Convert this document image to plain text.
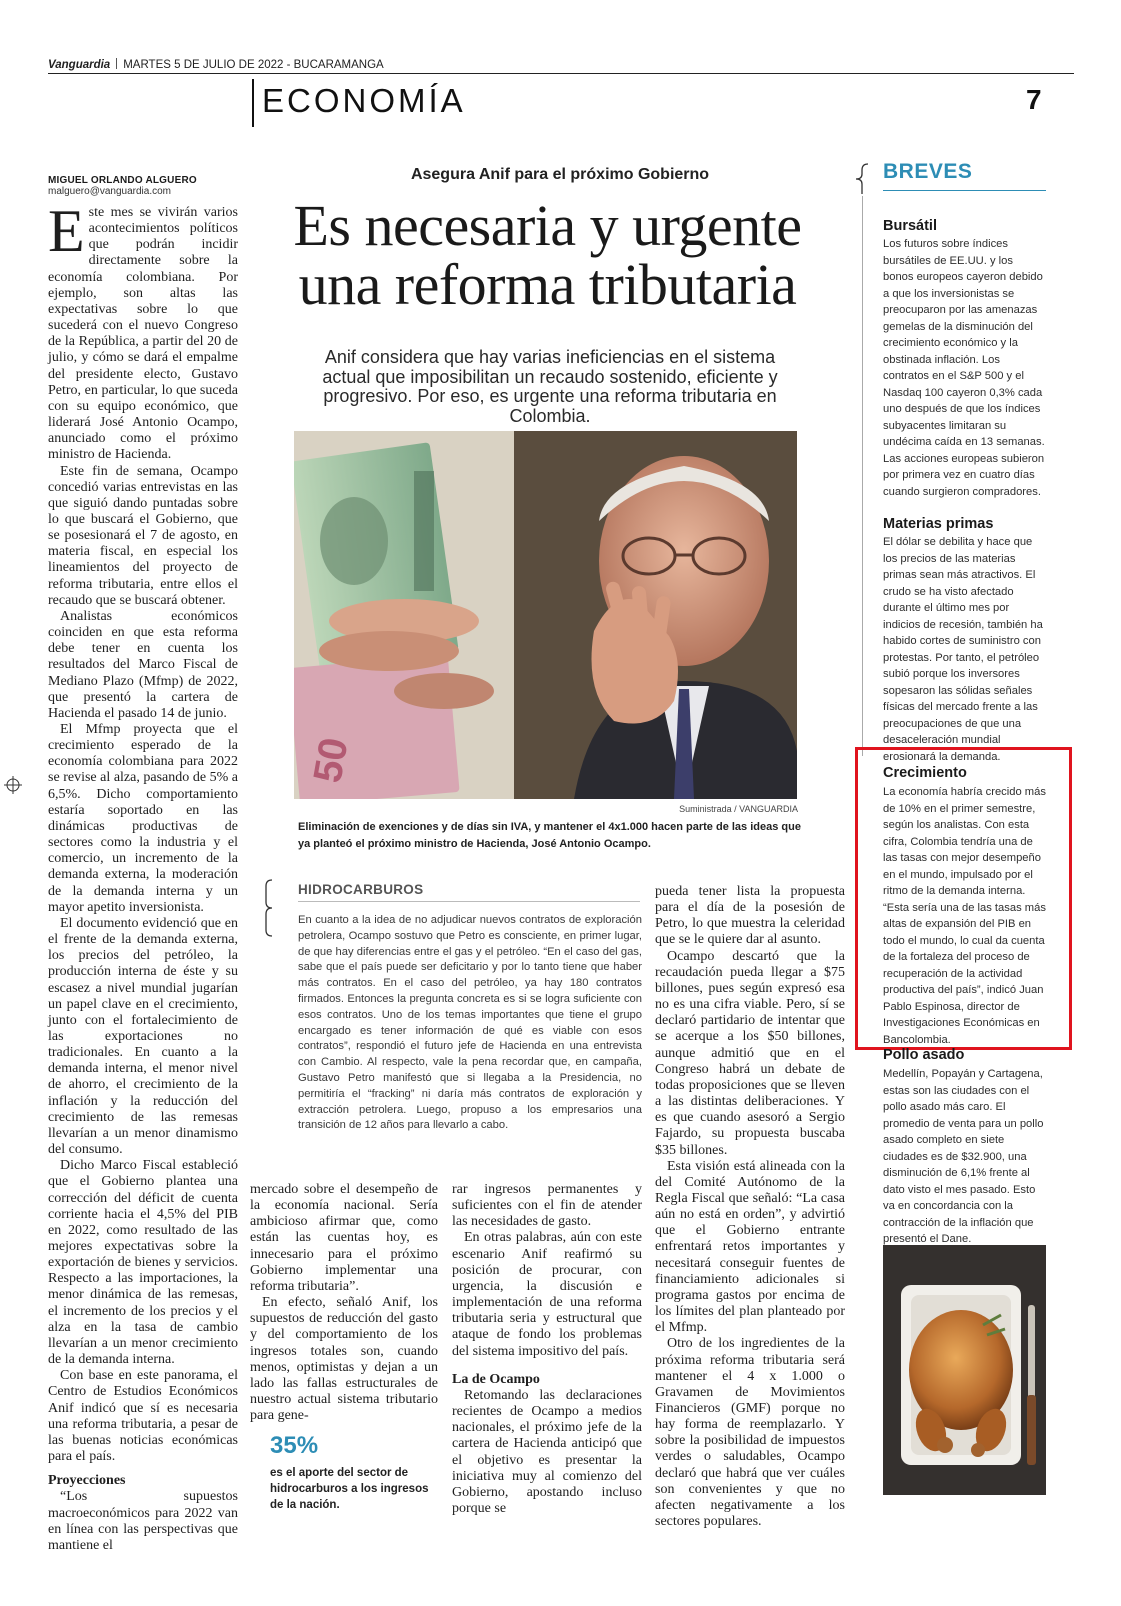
Vanguardia MARTES 5 DE JULIO DE 2022 - BUCARAMANGA
ECONOMÍA	7
MIGUEL ORLANDO ALGUERO
malguero@vanguardia.com

Este mes se vivirán varios acontecimientos políticos que podrán incidir directamente sobre la economía colombiana. Por ejemplo, son altas las expectativas sobre lo que sucederá con el nuevo Congreso de la República, a partir del 20 de julio, y cómo se dará el empalme del presidente electo, Gustavo Petro, en particular, lo que suceda con su equipo económico, que liderará José Antonio Ocampo, anunciado como el próximo ministro de Hacienda.

Este fin de semana, Ocampo concedió varias entrevistas en las que siguió dando puntadas sobre lo que buscará el Gobierno, que se posesionará el 7 de agosto, en materia fiscal, en especial los lineamientos del proyecto de reforma tributaria, entre ellos el recaudo que se buscará obtener.

Analistas económicos coinciden en que esta reforma debe tener en cuenta los resultados del Marco Fiscal de Mediano Plazo (Mfmp) de 2022, que presentó la cartera de Hacienda el pasado 14 de junio.

El Mfmp proyecta que el crecimiento esperado de la economía colombiana para 2022 se revise al alza, pasando de 5% a 6,5%. Dicho comportamiento estaría soportado en las dinámicas productivas de sectores como la industria y el comercio, un incremento de la demanda externa, la moderación de la demanda interna y un mayor apetito inversionista.

El documento evidenció que en el frente de la demanda externa, los precios del petróleo, la producción interna de éste y su escasez a nivel mundial jugarían un papel clave en el crecimiento, junto con el fortalecimiento de las exportaciones no tradicionales. En cuanto a la demanda interna, el menor nivel de ahorro, el crecimiento de la inflación y la reducción del crecimiento de las remesas llevarían a un menor dinamismo del consumo.

Dicho Marco Fiscal estableció que el Gobierno plantea una corrección del déficit de cuenta corriente hacia el 4,5% del PIB en 2022, como resultado de las mejores expectativas sobre la exportación de bienes y servicios. Respecto a las importaciones, la menor dinámica de las remesas, el incremento de los precios y el alza en la tasa de cambio llevarían a un menor crecimiento de la demanda interna.

Con base en este panorama, el Centro de Estudios Económicos Anif indicó que sí es necesaria una reforma tributaria, a pesar de las buenas noticias económicas para el país.

Proyecciones

“Los supuestos macroeconómicos para 2022 van en línea con las perspectivas que mantiene el

Asegura Anif para el próximo Gobierno
Es necesaria y urgente una reforma tributaria
Anif considera que hay varias ineficiencias en el sistema actual que imposibilitan un recaudo sostenido, eficiente y progresivo. Por eso, es urgente una reforma tributaria en Colombia.
50
Suministrada / VANGUARDIA
Eliminación de exenciones y de días sin IVA, y mantener el 4x1.000 hacen parte de las ideas que ya planteó el próximo ministro de Hacienda, José Antonio Ocampo.
HIDROCARBUROS
En cuanto a la idea de no adjudicar nuevos contratos de exploración petrolera, Ocampo sostuvo que Petro es consciente, en primer lugar, de que hay diferencias entre el gas y el petróleo. “En el caso del gas, sabe que el país puede ser deficitario y por lo tanto tiene que haber más contratos. En el caso del petróleo, ya hay 180 contratos firmados. Entonces la pregunta concreta es si se logra suficiente con esos contratos. Uno de los temas importantes que tiene el grupo encargado es tener información de qué es viable con esos contratos”, respondió el futuro jefe de Hacienda en una entrevista con Cambio. Al respecto, vale la pena recordar que, en campaña, Gustavo Petro manifestó que si llegaba a la Presidencia, no permitiría el “fracking” ni daría más contratos de exploración y extracción petrolera. Luego, propuso a los empresarios una transición de 12 años para llevarlo a cabo.

mercado sobre el desempeño de la economía nacional. Sería ambicioso afirmar que, como están las cuentas hoy, es innecesario para el próximo Gobierno implementar una reforma tributaria”.

En efecto, señaló Anif, los supuestos de reducción del gasto y del comportamiento de los ingresos totales son, cuando menos, optimistas y dejan a un lado las fallas estructurales de nuestro actual sistema tributario para gene-

35%
es el aporte del sector de hidrocarburos a los ingresos de la nación.

rar ingresos permanentes y suficientes con el fin de atender las necesidades de gasto.

En otras palabras, aún con este escenario Anif reafirmó su posición de procurar, con urgencia, la discusión e implementación de una reforma tributaria seria y estructural que ataque de fondo los problemas del sistema impositivo del país.

La de Ocampo

Retomando las declaraciones recientes de Ocampo a medios nacionales, el próximo jefe de la cartera de Hacienda anticipó que el objetivo es presentar la iniciativa muy al comienzo del Gobierno, apostando incluso porque se

pueda tener lista la propuesta para el día de la posesión de Petro, lo que muestra la celeridad que se le quiere dar al asunto.

Ocampo descartó que la recaudación pueda llegar a $75 billones, pues según expresó esa no es una cifra viable. Pero, sí se declaró partidario de intentar que se acerque a los $50 billones, aunque admitió que en el Congreso habrá un debate de todas proposiciones que se lleven a las distintas deliberaciones. Y es que cuando asesoró a Sergio Fajardo, su propuesta buscaba $35 billones.

Esta visión está alineada con la del Comité Autónomo de la Regla Fiscal que señaló: “La casa aún no está en orden”, y advirtió que el Gobierno entrante enfrentará retos importantes y necesitará conseguir fuentes de financiamiento adicionales si programa gastos por encima de los límites del plan planteado por el Mfmp.

Otro de los ingredientes de la próxima reforma tributaria será mantener el 4 x 1.000 o Gravamen de Movimientos Financieros (GMF) porque no hay forma de reemplazarlo. Y sobre la posibilidad de impuestos verdes o saludables, Ocampo declaró que habrá que ver cuáles son convenientes y que no afecten negativamente a los sectores populares.

BREVES
Bursátil
Los futuros sobre índices bursátiles de EE.UU. y los bonos europeos cayeron debido a que los inversionistas se preocuparon por las amenazas gemelas de la disminución del crecimiento económico y la obstinada inflación. Los contratos en el S&P 500 y el Nasdaq 100 cayeron 0,3% cada uno después de que los índices subyacentes limitaran su undécima caída en 13 semanas. Las acciones europeas subieron por primera vez en cuatro días cuando surgieron compradores.
Materias primas
El dólar se debilita y hace que los precios de las materias primas sean más atractivos. El crudo se ha visto afectado durante el último mes por indicios de recesión, también ha habido cortes de suministro con protestas. Por tanto, el petróleo subió porque los inversores sopesaron las sólidas señales físicas del mercado frente a las preocupaciones de que una desaceleración mundial erosionará la demanda.
Crecimiento
La economía habría crecido más de 10% en el primer semestre, según los analistas. Con esta cifra, Colombia tendría una de las tasas con mejor desempeño en el mundo, impulsado por el ritmo de la demanda interna. “Esta sería una de las tasas más altas de expansión del PIB en todo el mundo, lo cual da cuenta de la fortaleza del proceso de recuperación de la actividad productiva del país”, indicó Juan Pablo Espinosa, director de Investigaciones Económicas en Bancolombia.
Pollo asado
Medellín, Popayán y Cartagena, estas son las ciudades con el pollo asado más caro. El promedio de venta para un pollo asado completo en siete ciudades es de $32.900, una disminución de 6,1% frente al dato visto el mes pasado. Esto va en concordancia con la contracción de la inflación que presentó el Dane.
